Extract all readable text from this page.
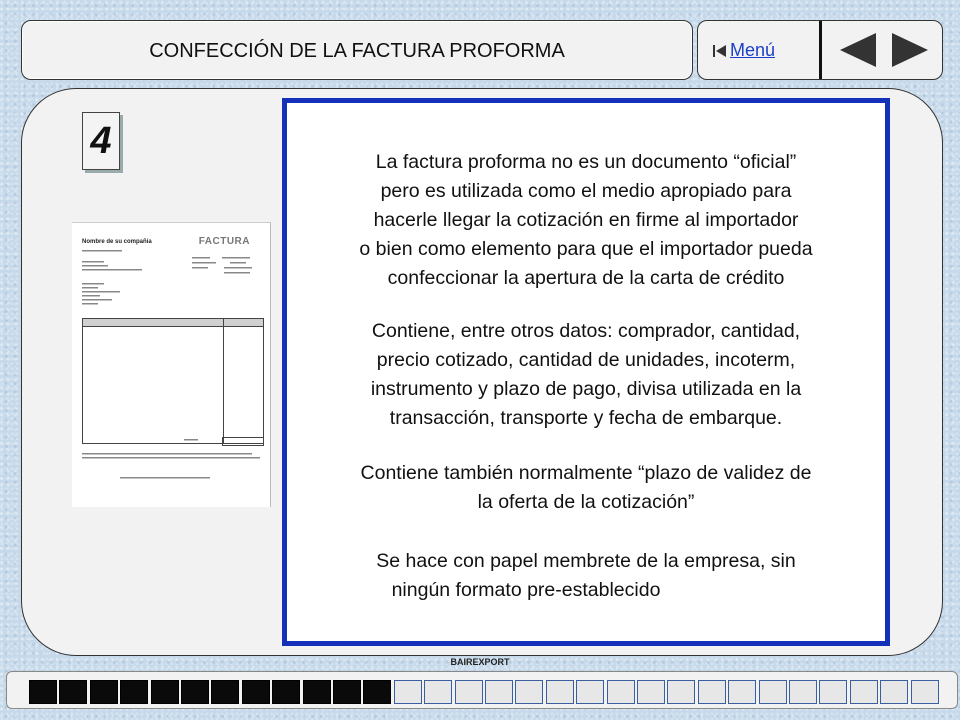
CONFECCIÓN DE LA FACTURA PROFORMA	Menú
4
Nombre de su compañía	FACTURA
La factura proforma no es un documento “oficial”
pero es utilizada como el medio apropiado para
hacerle llegar la cotización en firme al importador
o bien como elemento para que el importador pueda
confeccionar la apertura de la carta de crédito
Contiene, entre otros datos: comprador, cantidad,
precio cotizado, cantidad de unidades, incoterm,
instrumento y plazo de pago, divisa utilizada en la
transacción, transporte y fecha de embarque.
Contiene también normalmente “plazo de validez de
la oferta de la cotización”
Se hace con papel membrete de la empresa, sin
ningún formato pre-establecido
BAIREXPORT
